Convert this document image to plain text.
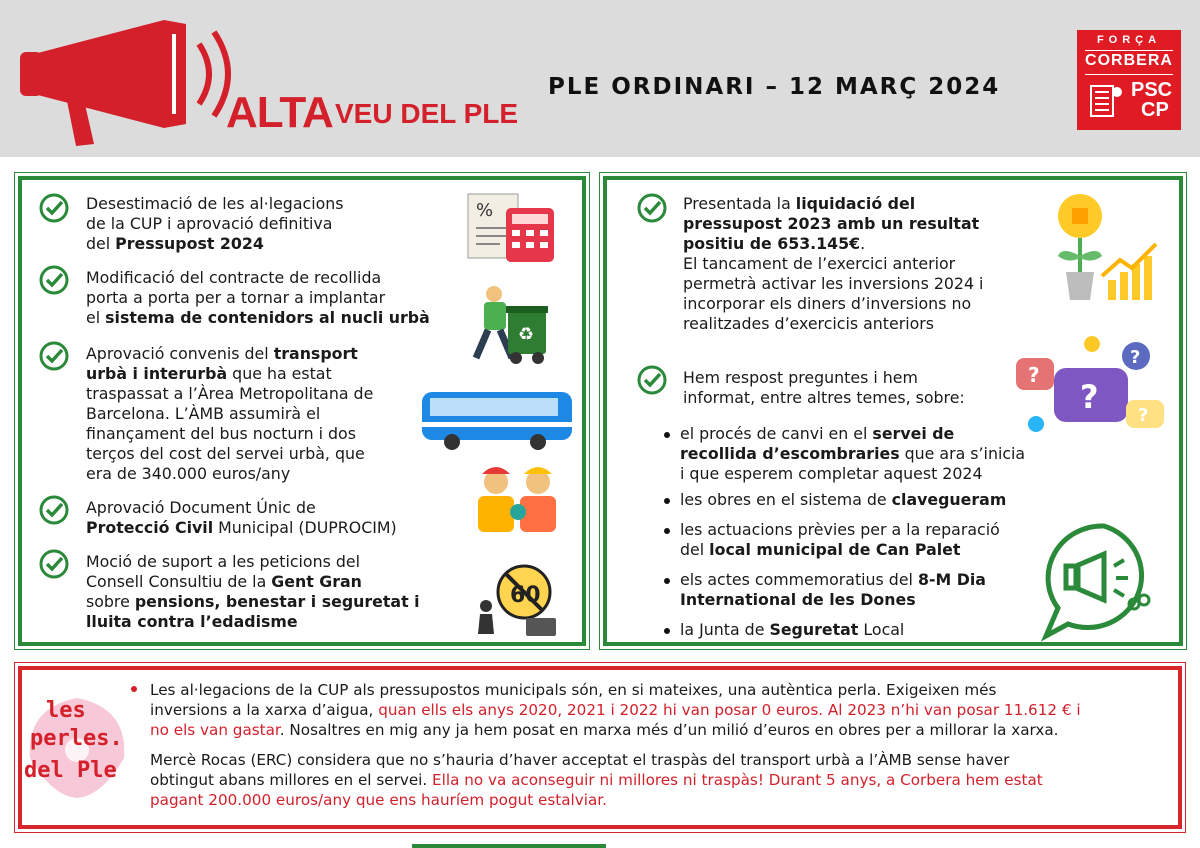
ALTA VEU DEL PLE
PLE ORDINARI – 12 MARÇ 2024
FORÇA
CORBERA
PSC
CP
Desestimació de les al·legacions
de la CUP i aprovació definitiva
del Pressupost 2024
Modificació del contracte de recollida
porta a porta per a tornar a implantar
el sistema de contenidors al nucli urbà
Aprovació convenis del transport
urbà i interurbà que ha estat
traspassat a l’Àrea Metropolitana de
Barcelona. L’ÀMB assumirà el
finançament del bus nocturn i dos
terços del cost del servei urbà, que
era de 340.000 euros/any
Aprovació Document Únic de
Protecció Civil Municipal (DUPROCIM)
Moció de suport a les peticions del
Consell Consultiu de la Gent Gran
sobre pensions, benestar i seguretat i
lluita contra l’edadisme
%
♻
60
Presentada la liquidació del
pressupost 2023 amb un resultat
positiu de 653.145€.
El tancament de l’exercici anterior
permetrà activar les inversions 2024 i
incorporar els diners d’inversions no
realitzades d’exercicis anteriors
Hem respost preguntes i hem
informat, entre altres temes, sobre:
?
?
?
?
el procés de canvi en el servei de
recollida d’escombraries que ara s’inicia
i que esperem completar aquest 2024
les obres en el sistema de clavegueram
les actuacions prèvies per a la reparació
del local municipal de Can Palet
els actes commemoratius del 8-M Dia
International de les Dones
la Junta de Seguretat Local
les
perles.
del Ple
Les al·legacions de la CUP als pressupostos municipals són, en si mateixes, una autèntica perla. Exigeixen més
inversions a la xarxa d’aigua, quan ells els anys 2020, 2021 i 2022 hi van posar 0 euros. Al 2023 n’hi van posar 11.612 € i
no els van gastar. Nosaltres en mig any ja hem posat en marxa més d’un milió d’euros en obres per a millorar la xarxa.
Mercè Rocas (ERC) considera que no s’hauria d’haver acceptat el traspàs del transport urbà a l’ÀMB sense haver
obtingut abans millores en el servei. Ella no va aconseguir ni millores ni traspàs! Durant 5 anys, a Corbera hem estat
pagant 200.000 euros/any que ens hauríem pogut estalviar.
